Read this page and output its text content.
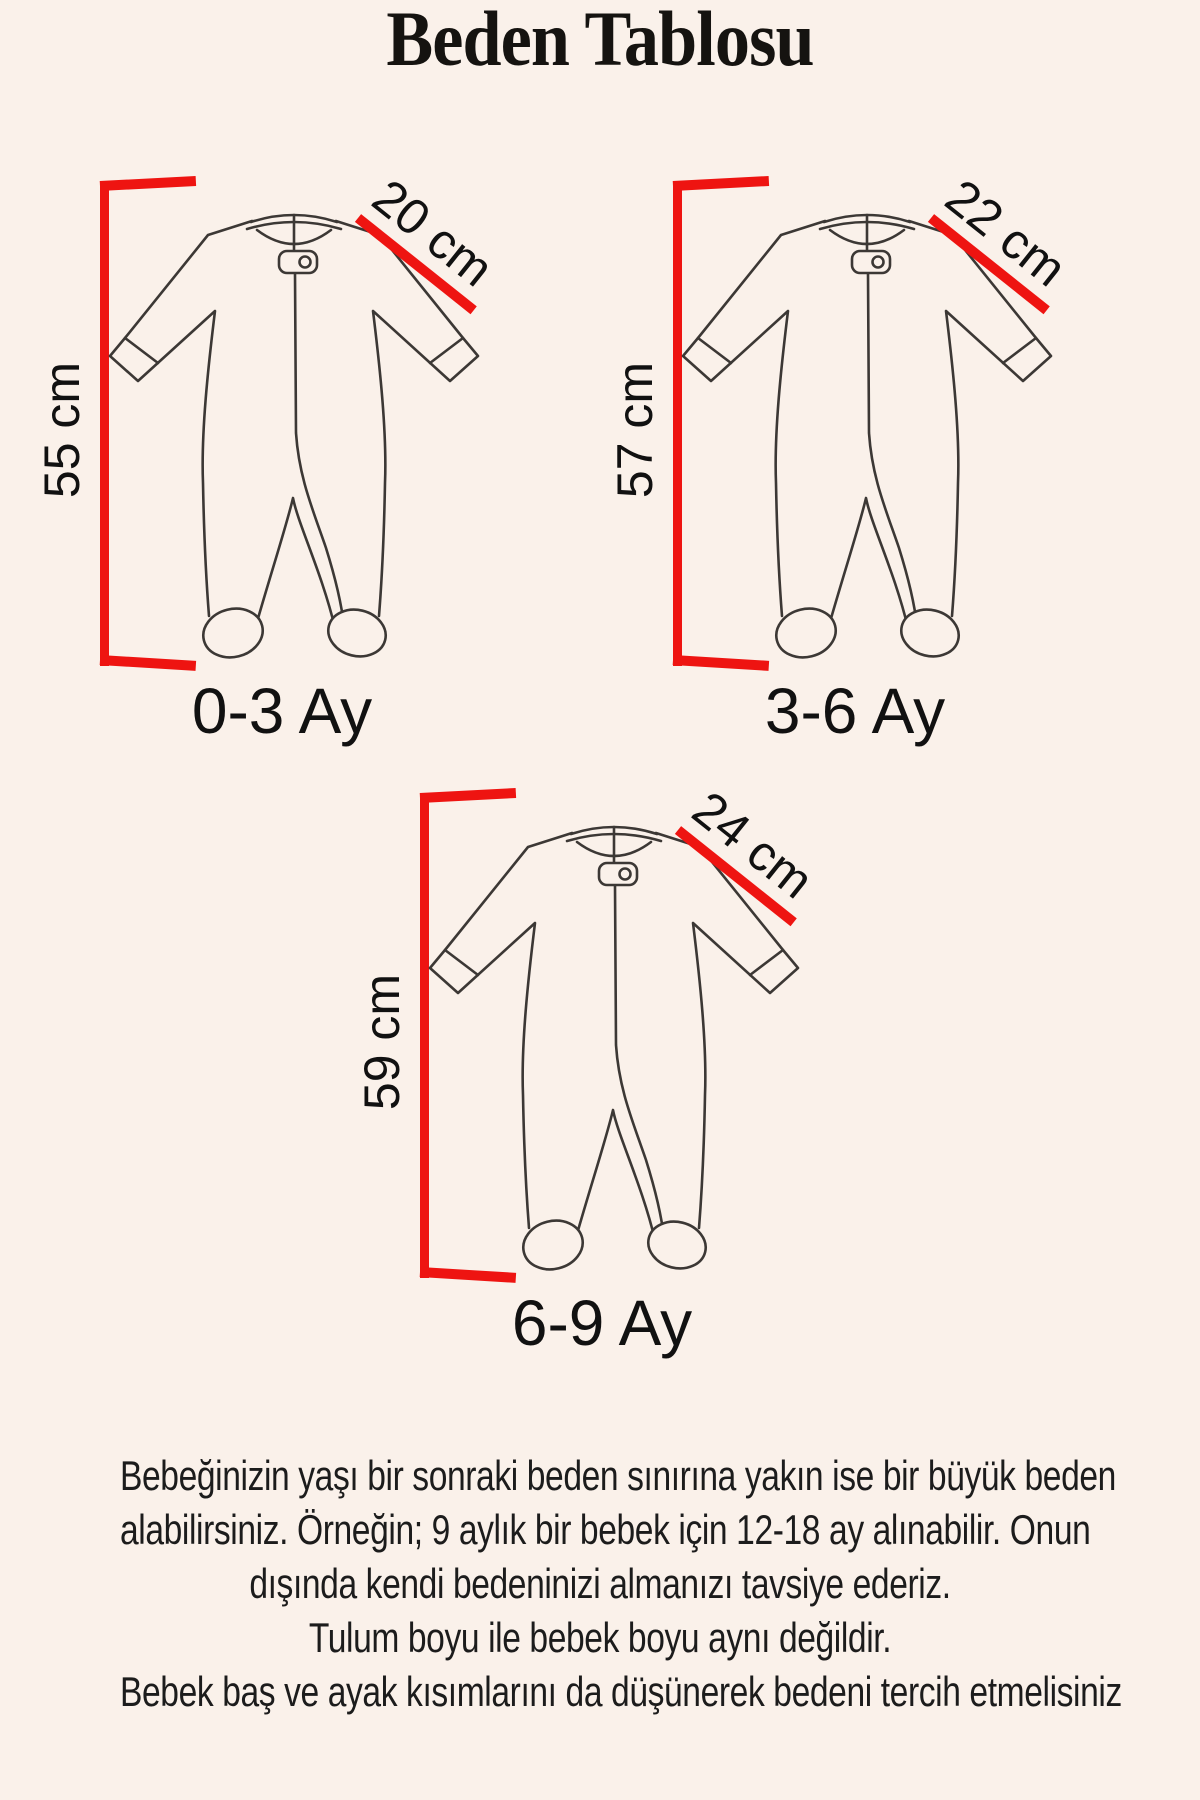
Beden Tablosu
55 cm
20 cm
0-3 Ay
57 cm
22 cm
3-6 Ay
59 cm
24 cm
6-9 Ay
Bebeğinizin yaşı bir sonraki beden sınırına yakın ise bir büyük beden
alabilirsiniz. Örneğin; 9 aylık bir bebek için 12-18 ay alınabilir. Onun
dışında kendi bedeninizi almanızı tavsiye ederiz.
Tulum boyu ile bebek boyu aynı değildir.
Bebek baş ve ayak kısımlarını da düşünerek bedeni tercih etmelisiniz
